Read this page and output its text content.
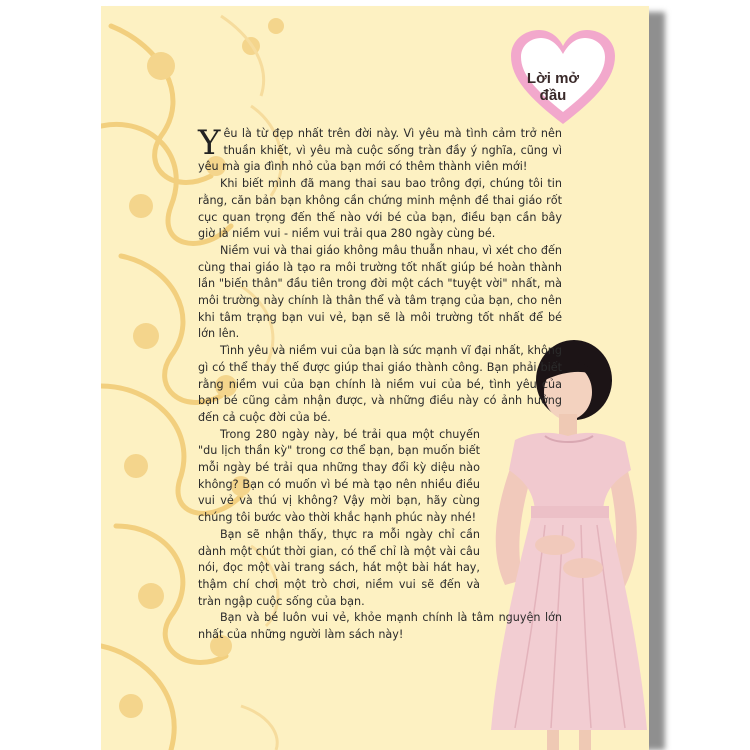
Lời mở
đầu

Yêu là từ đẹp nhất trên đời này. Vì yêu mà tình cảm trở nên thuần khiết, vì yêu mà cuộc sống tràn đầy ý nghĩa, cũng vì yêu mà gia đình nhỏ của bạn mới có thêm thành viên mới!

Khi biết mình đã mang thai sau bao trông đợi, chúng tôi tin rằng, căn bản bạn không cần chứng minh mệnh đề thai giáo rốt cục quan trọng đến thế nào với bé của bạn, điều bạn cần bây giờ là niềm vui - niềm vui trải qua 280 ngày cùng bé.

Niềm vui và thai giáo không mâu thuẫn nhau, vì xét cho đến cùng thai giáo là tạo ra môi trường tốt nhất giúp bé hoàn thành lần "biến thân" đầu tiên trong đời một cách "tuyệt vời" nhất, mà môi trường này chính là thân thể và tâm trạng của bạn, cho nên khi tâm trạng bạn vui vẻ, bạn sẽ là môi trường tốt nhất để bé lớn lên.

Tình yêu và niềm vui của bạn là sức mạnh vĩ đại nhất, không gì có thể thay thế được giúp thai giáo thành công. Bạn phải biết rằng niềm vui của bạn chính là niềm vui của bé, tình yêu của bạn bé cũng cảm nhận được, và những điều này có ảnh hưởng đến cả cuộc đời của bé.

Trong 280 ngày này, bé trải qua một chuyến "du lịch thần kỳ" trong cơ thể bạn, bạn muốn biết mỗi ngày bé trải qua những thay đổi kỳ diệu nào không? Bạn có muốn vì bé mà tạo nên nhiều điều vui vẻ và thú vị không? Vậy mời bạn, hãy cùng chúng tôi bước vào thời khắc hạnh phúc này nhé!

Bạn sẽ nhận thấy, thực ra mỗi ngày chỉ cần dành một chút thời gian, có thể chỉ là một vài câu nói, đọc một vài trang sách, hát một bài hát hay, thậm chí chơi một trò chơi, niềm vui sẽ đến và tràn ngập cuộc sống của bạn.

Bạn và bé luôn vui vẻ, khỏe mạnh chính là tâm nguyện lớn nhất của những người làm sách này!
